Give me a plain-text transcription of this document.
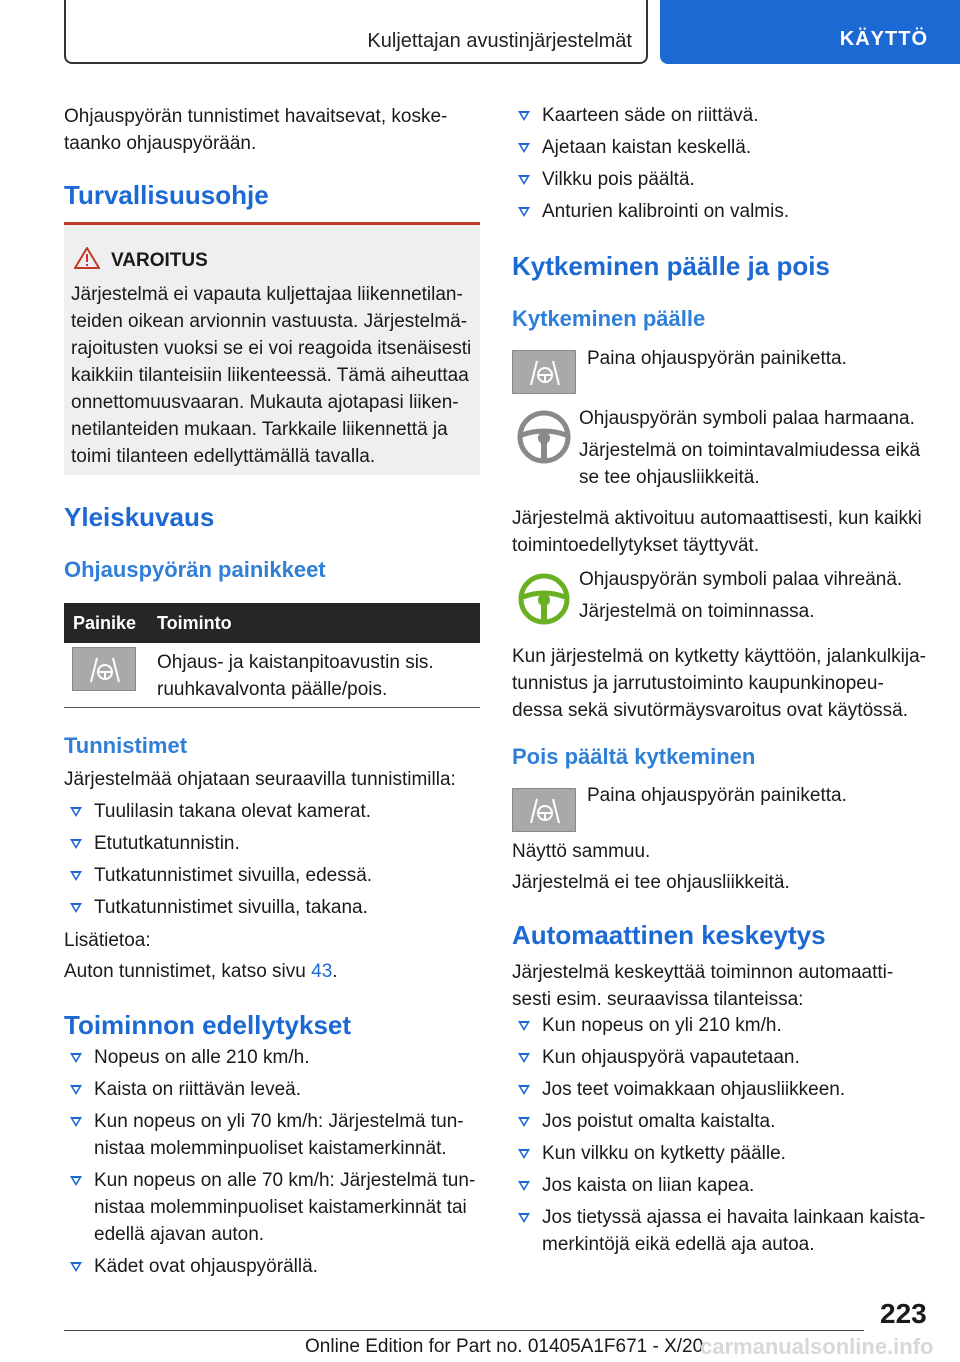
Kuljettajan avustinjärjestelmät	KÄYTTÖ
Ohjauspyörän tunnistimet havaitsevat, koske-
taanko ohjauspyörään.
Turvallisuusohje
VAROITUS
Järjestelmä ei vapauta kuljettajaa liikennetilan-
teiden oikean arvionnin vastuusta. Järjestelmä-
rajoitusten vuoksi se ei voi reagoida itsenäisesti
kaikkiin tilanteisiin liikenteessä. Tämä aiheuttaa
onnettomuusvaaran. Mukauta ajotapasi liiken-
netilanteiden mukaan. Tarkkaile liikennettä ja
toimi tilanteen edellyttämällä tavalla.
Yleiskuvaus
Ohjauspyörän painikkeet
Painike Toiminto
Ohjaus- ja kaistanpitoavustin sis.
ruuhkavalvonta päälle/pois.
Tunnistimet
Järjestelmää ohjataan seuraavilla tunnistimilla:
Tuulilasin takana olevat kamerat.
Etututkatunnistin.
Tutkatunnistimet sivuilla, edessä.
Tutkatunnistimet sivuilla, takana.
Lisätietoa:
Auton tunnistimet, katso sivu 43.
Toiminnon edellytykset
Nopeus on alle 210 km/h.
Kaista on riittävän leveä.
Kun nopeus on yli 70 km/h: Järjestelmä tun-
nistaa molemminpuoliset kaistamerkinnät.
Kun nopeus on alle 70 km/h: Järjestelmä tun-
nistaa molemminpuoliset kaistamerkinnät tai
edellä ajavan auton.
Kädet ovat ohjauspyörällä.
Kaarteen säde on riittävä.
Ajetaan kaistan keskellä.
Vilkku pois päältä.
Anturien kalibrointi on valmis.
Kytkeminen päälle ja pois
Kytkeminen päälle
Paina ohjauspyörän painiketta.
Ohjauspyörän symboli palaa harmaana.
Järjestelmä on toimintavalmiudessa eikä
se tee ohjausliikkeitä.
Järjestelmä aktivoituu automaattisesti, kun kaikki
toimintoedellytykset täyttyvät.
Ohjauspyörän symboli palaa vihreänä.
Järjestelmä on toiminnassa.
Kun järjestelmä on kytketty käyttöön, jalankulkija-
tunnistus ja jarrutustoiminto kaupunkinopeu-
dessa sekä sivutörmäysvaroitus ovat käytössä.
Pois päältä kytkeminen
Paina ohjauspyörän painiketta.
Näyttö sammuu.
Järjestelmä ei tee ohjausliikkeitä.
Automaattinen keskeytys
Järjestelmä keskeyttää toiminnon automaatti-
sesti esim. seuraavissa tilanteissa:
Kun nopeus on yli 210 km/h.
Kun ohjauspyörä vapautetaan.
Jos teet voimakkaan ohjausliikkeen.
Jos poistut omalta kaistalta.
Kun vilkku on kytketty päälle.
Jos kaista on liian kapea.
Jos tietyssä ajassa ei havaita lainkaan kaista-
merkintöjä eikä edellä aja autoa.
223
Online Edition for Part no. 01405A1F671 - X/20
carmanualsonline.info
